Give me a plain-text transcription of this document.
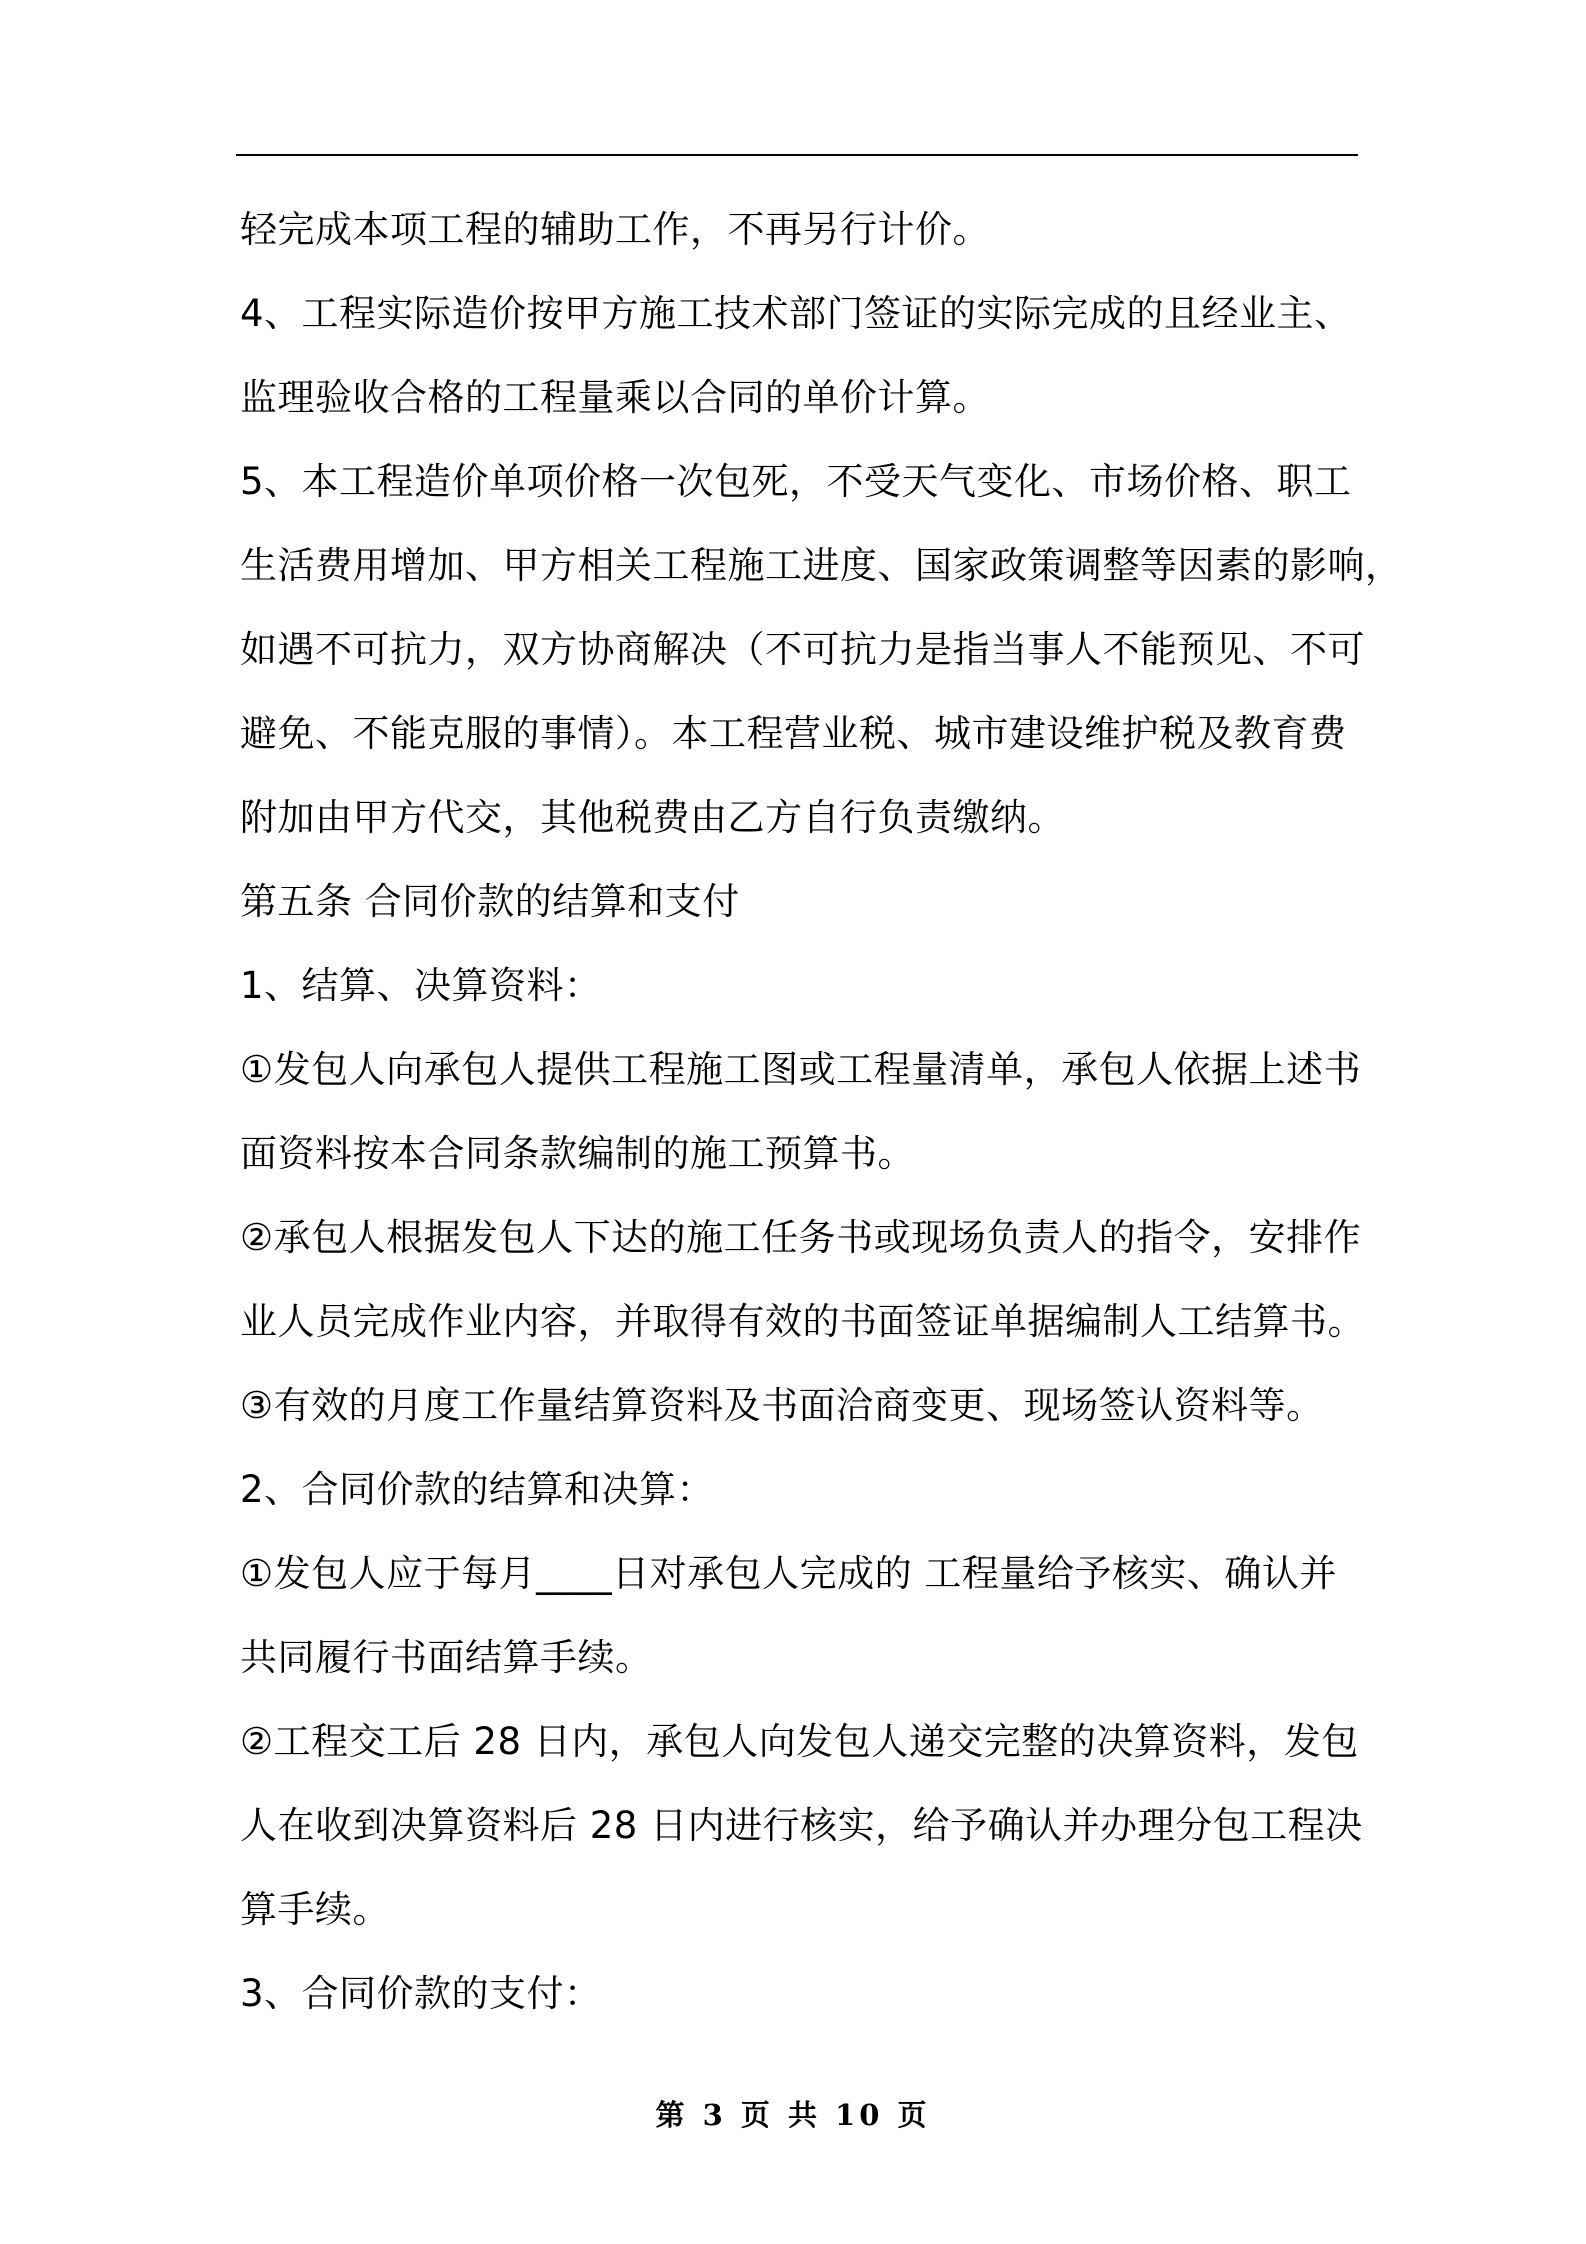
轻完成本项工程的辅助工作，不再另行计价。
4、工程实际造价按甲方施工技术部门签证的实际完成的且经业主、
监理验收合格的工程量乘以合同的单价计算。
5、本工程造价单项价格一次包死，不受天气变化、市场价格、职工
生活费用增加、甲方相关工程施工进度、国家政策调整等因素的影响，
如遇不可抗力，双方协商解决（不可抗力是指当事人不能预见、不可
避免、不能克服的事情）。本工程营业税、城市建设维护税及教育费
附加由甲方代交，其他税费由乙方自行负责缴纳。
第五条 合同价款的结算和支付
1、结算、决算资料：
①发包人向承包人提供工程施工图或工程量清单，承包人依据上述书
面资料按本合同条款编制的施工预算书。
②承包人根据发包人下达的施工任务书或现场负责人的指令，安排作
业人员完成作业内容，并取得有效的书面签证单据编制人工结算书。
③有效的月度工作量结算资料及书面洽商变更、现场签认资料等。
2、合同价款的结算和决算：
①发包人应于每月____日对承包人完成的 工程量给予核实、确认并
共同履行书面结算手续。
②工程交工后 28 日内，承包人向发包人递交完整的决算资料，发包
人在收到决算资料后 28 日内进行核实，给予确认并办理分包工程决
算手续。
3、合同价款的支付：
第 3 页 共 10 页
